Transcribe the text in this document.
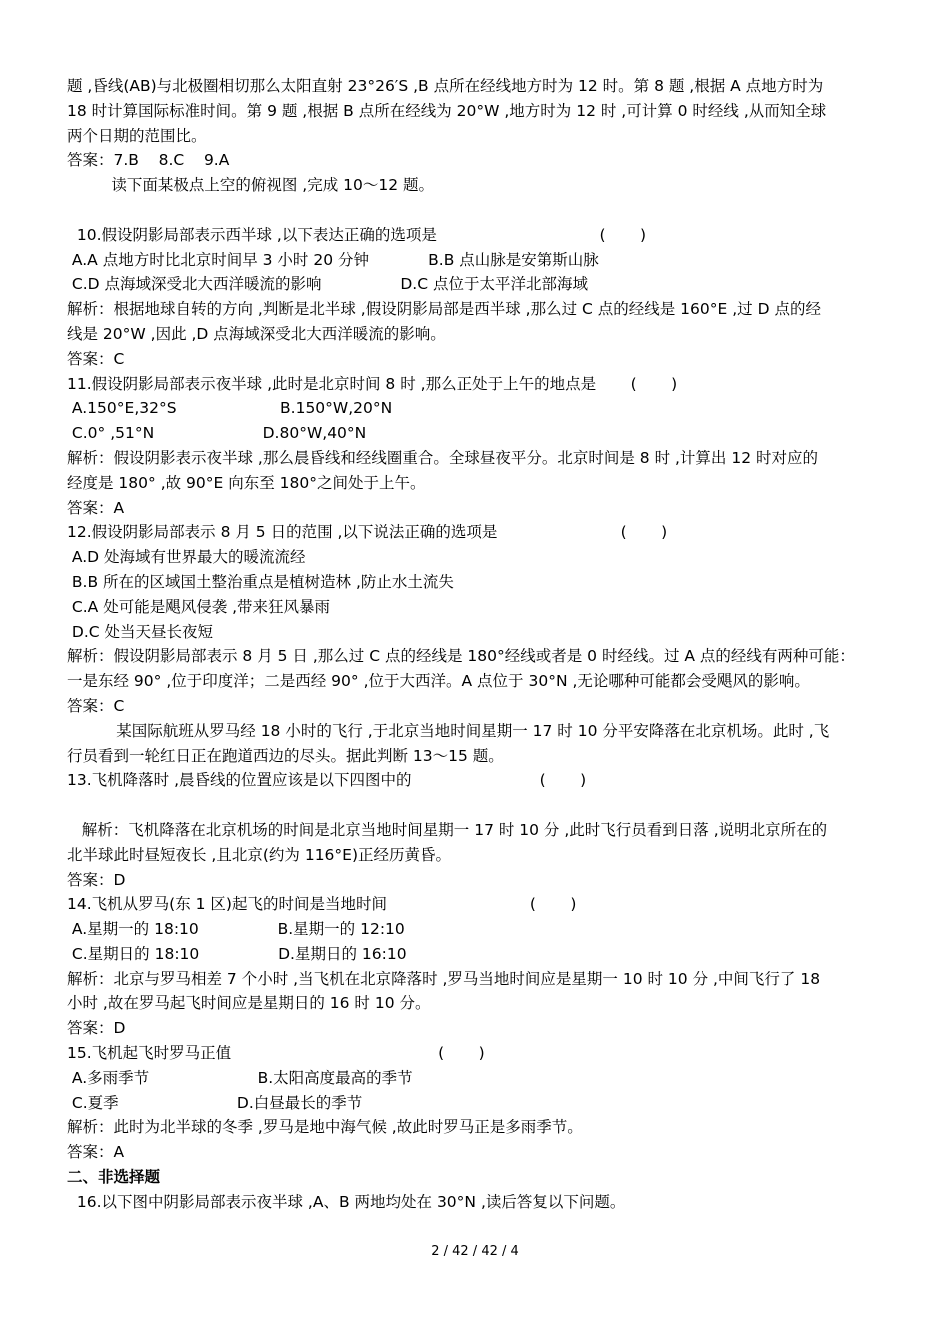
题 ,昏线(AB)与北极圈相切那么太阳直射 23°26′S ,B 点所在经线地方时为 12 时。第 8 题 ,根据 A 点地方时为
18 时计算国际标准时间。第 9 题 ,根据 B 点所在经线为 20°W ,地方时为 12 时 ,可计算 0 时经线 ,从而知全球
两个日期的范围比。
答案：7.B    8.C    9.A
读下面某极点上空的俯视图 ,完成 10～12 题。
10.假设阴影局部表示西半球 ,以下表达正确的选项是                                 (       )
A.A 点地方时比北京时间早 3 小时 20 分钟            B.B 点山脉是安第斯山脉
C.D 点海域深受北大西洋暖流的影响                D.C 点位于太平洋北部海域
解析：根据地球自转的方向 ,判断是北半球 ,假设阴影局部是西半球 ,那么过 C 点的经线是 160°E ,过 D 点的经
线是 20°W ,因此 ,D 点海域深受北大西洋暖流的影响。
答案：C
11.假设阴影局部表示夜半球 ,此时是北京时间 8 时 ,那么正处于上午的地点是       (       )
A.150°E,32°S                     B.150°W,20°N
C.0° ,51°N                      D.80°W,40°N
解析：假设阴影表示夜半球 ,那么晨昏线和经线圈重合。全球昼夜平分。北京时间是 8 时 ,计算出 12 时对应的
经度是 180° ,故 90°E 向东至 180°之间处于上午。
答案：A
12.假设阴影局部表示 8 月 5 日的范围 ,以下说法正确的选项是                         (       )
A.D 处海域有世界最大的暖流流经
B.B 所在的区域国土整治重点是植树造林 ,防止水土流失
C.A 处可能是飓风侵袭 ,带来狂风暴雨
D.C 处当天昼长夜短
解析：假设阴影局部表示 8 月 5 日 ,那么过 C 点的经线是 180°经线或者是 0 时经线。过 A 点的经线有两种可能：
一是东经 90° ,位于印度洋；二是西经 90° ,位于大西洋。A 点位于 30°N ,无论哪种可能都会受飓风的影响。
答案：C
某国际航班从罗马经 18 小时的飞行 ,于北京当地时间星期一 17 时 10 分平安降落在北京机场。此时 ,飞
行员看到一轮红日正在跑道西边的尽头。据此判断 13～15 题。
13.飞机降落时 ,晨昏线的位置应该是以下四图中的                          (       )
解析：飞机降落在北京机场的时间是北京当地时间星期一 17 时 10 分 ,此时飞行员看到日落 ,说明北京所在的
北半球此时昼短夜长 ,且北京(约为 116°E)正经历黄昏。
答案：D
14.飞机从罗马(东 1 区)起飞的时间是当地时间                             (       )
A.星期一的 18:10                B.星期一的 12:10
C.星期日的 18:10                D.星期日的 16:10
解析：北京与罗马相差 7 个小时 ,当飞机在北京降落时 ,罗马当地时间应是星期一 10 时 10 分 ,中间飞行了 18
小时 ,故在罗马起飞时间应是星期日的 16 时 10 分。
答案：D
15.飞机起飞时罗马正值                                          (       )
A.多雨季节                      B.太阳高度最高的季节
C.夏季                        D.白昼最长的季节
解析：此时为北半球的冬季 ,罗马是地中海气候 ,故此时罗马正是多雨季节。
答案：A
二、非选择题
16.以下图中阴影局部表示夜半球 ,A、B 两地均处在 30°N ,读后答复以下问题。
2 / 42 / 42 / 4
